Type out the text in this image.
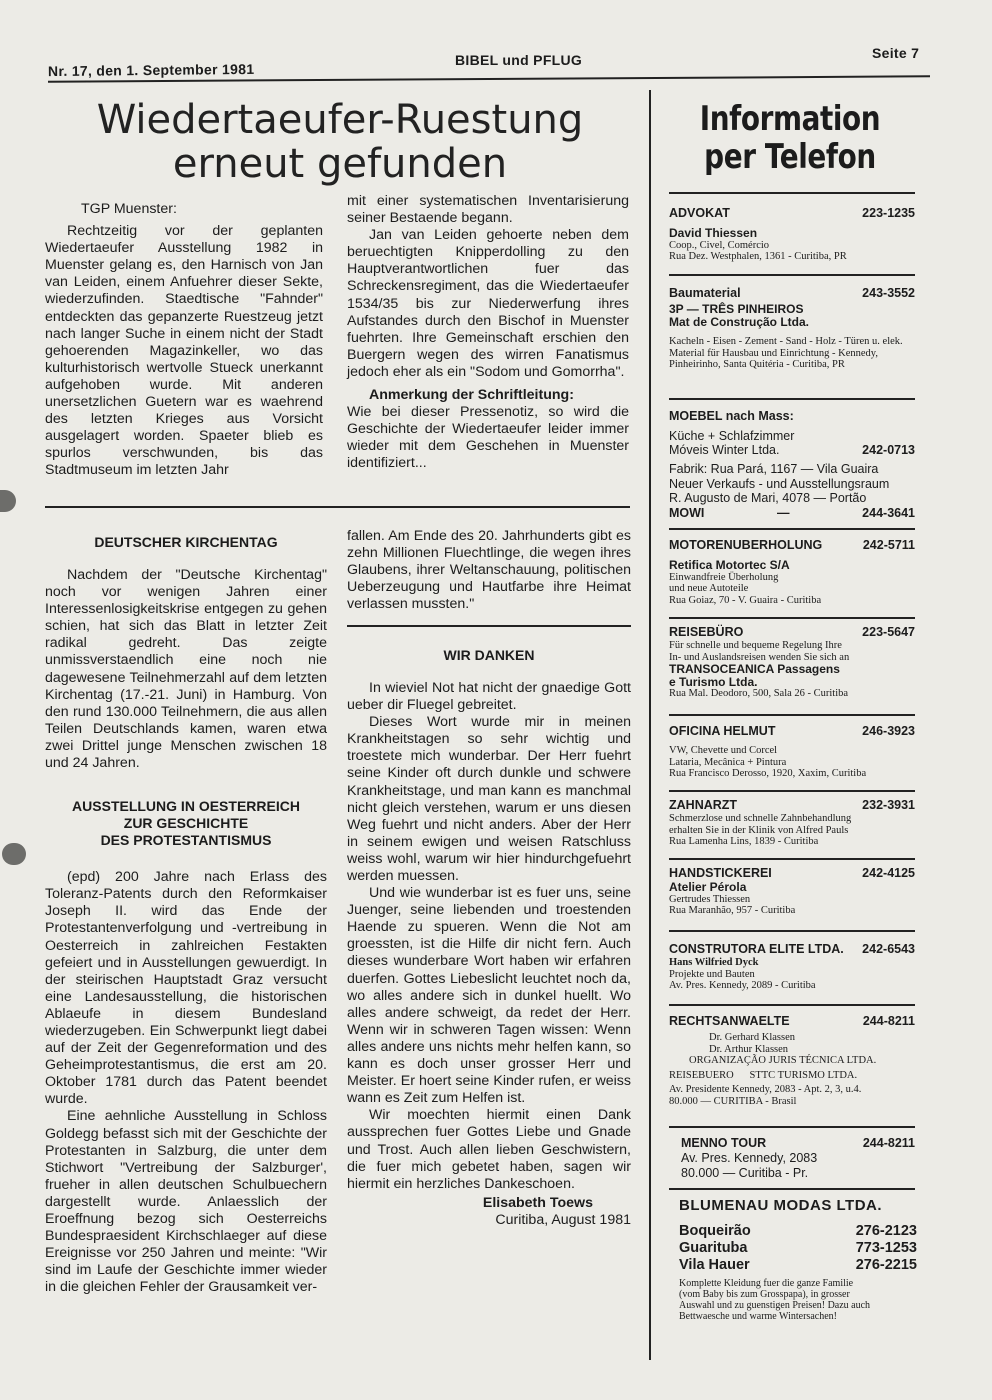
Nr. 17, den 1. September 1981
BIBEL und PFLUG	Seite 7
Wiedertaeufer-Ruestung
erneut gefunden

TGP Muenster:

Rechtzeitig vor der geplanten Wiedertaeufer Ausstellung 1982 in Muenster gelang es, den Harnisch von Jan van Leiden, einem Anfuehrer dieser Sekte, wiederzufinden. Staedtische "Fahnder" entdeckten das gepanzerte Ruestzeug jetzt nach langer Suche in einem nicht der Stadt gehoerenden Magazinkeller, wo das kulturhistorisch wertvolle Stueck unerkannt aufgehoben wurde. Mit anderen unersetzlichen Guetern war es waehrend des letzten Krieges aus Vorsicht ausgelagert worden. Spaeter blieb es spurlos verschwunden, bis das Stadtmuseum im letzten Jahr

mit einer systematischen Inventarisierung seiner Bestaende begann.

Jan van Leiden gehoerte neben dem beruechtigten Knipperdolling zu den Hauptverantwortlichen fuer das Schreckensregiment, das die Wiedertaeufer 1534/35 bis zur Niederwerfung ihres Aufstandes durch den Bischof in Muenster fuehrten. Ihre Gemeinschaft erschien den Buergern wegen des wirren Fanatismus jedoch eher als ein "Sodom und Gomorrha".

Anmerkung der Schriftleitung:

Wie bei dieser Pressenotiz, so wird die Geschichte der Wiedertaeufer leider immer wieder mit dem Geschehen in Muenster identifiziert...

DEUTSCHER KIRCHENTAG

Nachdem der "Deutsche Kirchentag" noch vor wenigen Jahren einer Interessenlosigkeitskrise entgegen zu gehen schien, hat sich das Blatt in letzter Zeit radikal gedreht. Das zeigte unmissverstaendlich eine noch nie dagewesene Teilnehmerzahl auf dem letzten Kirchentag (17.-21. Juni) in Hamburg. Von den rund 130.000 Teilnehmern, die aus allen Teilen Deutschlands kamen, waren etwa zwei Drittel junge Menschen zwischen 18 und 24 Jahren.

AUSSTELLUNG IN OESTERREICH
ZUR GESCHICHTE
DES PROTESTANTISMUS

(epd) 200 Jahre nach Erlass des Toleranz-Patents durch den Reformkaiser Joseph II. wird das Ende der Protestantenverfolgung und -vertreibung in Oesterreich in zahlreichen Festakten gefeiert und in Ausstellungen gewuerdigt. In der steirischen Hauptstadt Graz versucht eine Landesausstellung, die historischen Ablaeufe in diesem Bundesland wiederzugeben. Ein Schwerpunkt liegt dabei auf der Zeit der Gegenreformation und des Geheimprotestantismus, die erst am 20. Oktober 1781 durch das Patent beendet wurde.

Eine aehnliche Ausstellung in Schloss Goldegg befasst sich mit der Geschichte der Protestanten in Salzburg, die unter dem Stichwort "Vertreibung der Salzburger', frueher in allen deutschen Schulbuechern dargestellt wurde. Anlaesslich der Eroeffnung bezog sich Oesterreichs Bundespraesident Kirchschlaeger auf diese Ereignisse vor 250 Jahren und meinte: "Wir sind im Laufe der Geschichte immer wieder in die gleichen Fehler der Grausamkeit ver-

fallen. Am Ende des 20. Jahrhunderts gibt es zehn Millionen Fluechtlinge, die wegen ihres Glaubens, ihrer Weltanschauung, politischen Ueberzeugung und Hautfarbe ihre Heimat verlassen mussten."

WIR DANKEN

In wieviel Not hat nicht der gnaedige Gott ueber dir Fluegel gebreitet.

Dieses Wort wurde mir in meinen Krankheitstagen so sehr wichtig und troestete mich wunderbar. Der Herr fuehrt seine Kinder oft durch dunkle und schwere Krankheitstage, und man kann es manchmal nicht gleich verstehen, warum er uns diesen Weg fuehrt und nicht anders. Aber der Herr in seinem ewigen und weisen Ratschluss weiss wohl, warum wir hier hindurchgefuehrt werden muessen.

Und wie wunderbar ist es fuer uns, seine Juenger, seine liebenden und troestenden Haende zu spueren. Wenn die Not am groessten, ist die Hilfe dir nicht fern. Auch dieses wunderbare Wort haben wir erfahren duerfen. Gottes Liebeslicht leuchtet noch da, wo alles andere sich in dunkel huellt. Wo alles andere schweigt, da redet der Herr. Wenn wir in schweren Tagen wissen: Wenn alles andere uns nichts mehr helfen kann, so kann es doch unser grosser Herr und Meister. Er hoert seine Kinder rufen, er weiss wann es Zeit zum Helfen ist.

Wir moechten hiermit einen Dank aussprechen fuer Gottes Liebe und Gnade und Trost. Auch allen lieben Geschwistern, die fuer mich gebetet haben, sagen wir hiermit ein herzliches Dankeschoen.

Elisabeth Toews
Curitiba, August 1981
Information
per Telefon
ADVOKAT	223-1235
David Thiessen
Coop., Civel, Comércio
Rua Dez. Westphalen, 1361 - Curitiba, PR
Baumaterial	243-3552
3P — TRÊS PINHEIROS
Mat de Construção Ltda.
Kacheln - Eisen - Zement - Sand - Holz - Türen u. elek. Material für Hausbau und Einrichtung - Kennedy, Pinheirinho, Santa Quitéria - Curitiba, PR
MOEBEL nach Mass:
Küche + Schlafzimmer
Móveis Winter Ltda.	242-0713
Fabrik: Rua Pará, 1167 — Vila Guaira
Neuer Verkaufs - und Ausstellungsraum
R. Augusto de Mari, 4078 — Portão
MOWI	—	244-3641
MOTORENUBERHOLUNG	242-5711
Retifica Motortec S/A
Einwandfreie Überholung
und neue Autoteile
Rua Goiaz, 70 - V. Guaira - Curitiba
REISEBÜRO	223-5647
Für schnelle und bequeme Regelung Ihre
In- und Auslandsreisen wenden Sie sich an
TRANSOCEANICA Passagens
e Turismo Ltda.
Rua Mal. Deodoro, 500, Sala 26 - Curitiba
OFICINA HELMUT	246-3923
VW, Chevette und Corcel
Lataria, Mecânica + Pintura
Rua Francisco Derosso, 1920, Xaxim, Curitiba
ZAHNARZT	232-3931
Schmerzlose und schnelle Zahnbehandlung
erhalten Sie in der Klinik von Alfred Pauls
Rua Lamenha Lins, 1839 - Curitiba
HANDSTICKEREI	242-4125
Atelier Pérola
Gertrudes Thiessen
Rua Maranhão, 957 - Curitiba
CONSTRUTORA ELITE LTDA. 242-6543
Hans Wilfried Dyck
Projekte und Bauten
Av. Pres. Kennedy, 2089 - Curitiba
RECHTSANWAELTE	244-8211
Dr. Gerhard Klassen
Dr. Arthur Klassen
ORGANIZAÇÃO JURIS TÉCNICA LTDA.
REISEBUERO      STTC TURISMO LTDA.
Av. Presidente Kennedy, 2083 - Apt. 2, 3, u.4.
80.000 — CURITIBA - Brasil
MENNO TOUR	244-8211
Av. Pres. Kennedy, 2083
80.000 — Curitiba - Pr.
BLUMENAU MODAS LTDA.
Boqueirão	276-2123
Guarituba	773-1253
Vila Hauer	276-2215
Komplette Kleidung fuer die ganze Familie
(vom Baby bis zum Grosspapa), in grosser
Auswahl und zu guenstigen Preisen! Dazu auch
Bettwaesche und warme Wintersachen!
